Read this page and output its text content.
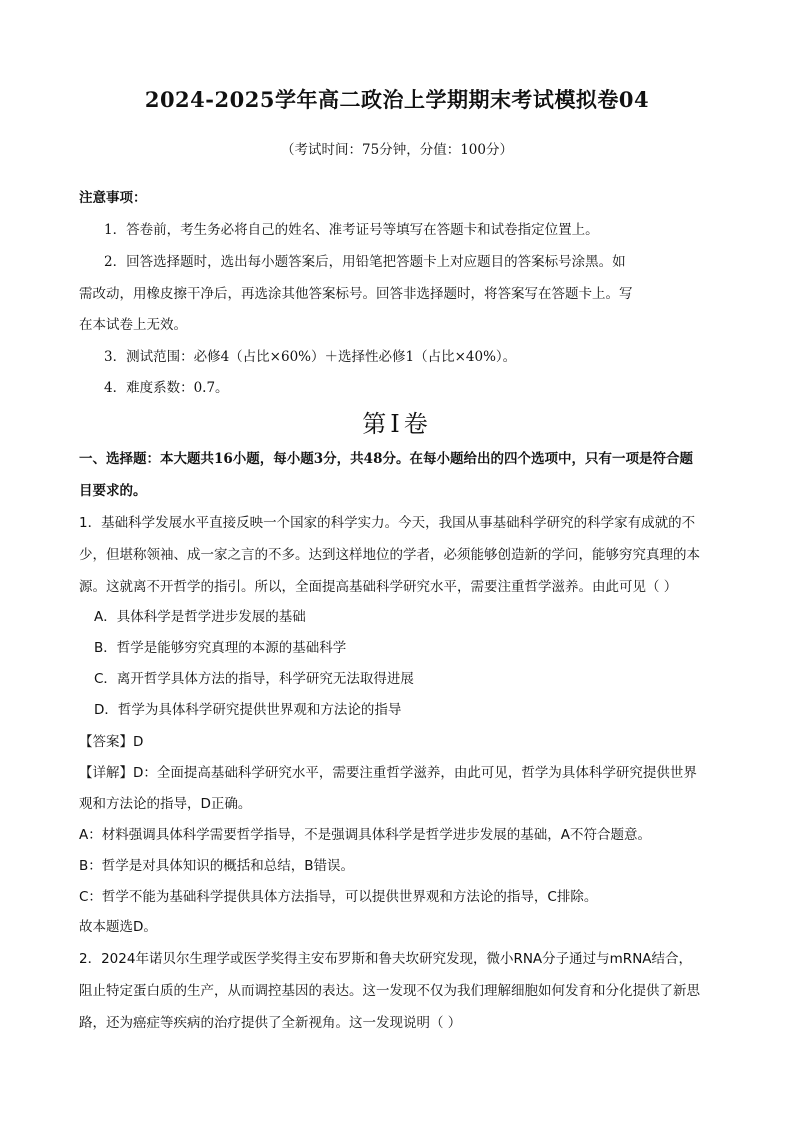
2024-2025学年高二政治上学期期末考试模拟卷04
（考试时间：75分钟，分值：100分）
注意事项：
1．答卷前，考生务必将自己的姓名、准考证号等填写在答题卡和试卷指定位置上。
2．回答选择题时，选出每小题答案后，用铅笔把答题卡上对应题目的答案标号涂黑。如
需改动，用橡皮擦干净后，再选涂其他答案标号。回答非选择题时，将答案写在答题卡上。写
在本试卷上无效。
3．测试范围：必修4（占比×60%）＋选择性必修1（占比×40%）。
4．难度系数：0.7。
第Ⅰ卷
一、选择题：本大题共16小题，每小题3分，共48分。在每小题给出的四个选项中，只有一项是符合题
目要求的。
1．基础科学发展水平直接反映一个国家的科学实力。今天，我国从事基础科学研究的科学家有成就的不
少，但堪称领袖、成一家之言的不多。达到这样地位的学者，必须能够创造新的学问，能够穷究真理的本
源。这就离不开哲学的指引。所以，全面提高基础科学研究水平，需要注重哲学滋养。由此可见（ ）
A．具体科学是哲学进步发展的基础
B．哲学是能够穷究真理的本源的基础科学
C．离开哲学具体方法的指导，科学研究无法取得进展
D．哲学为具体科学研究提供世界观和方法论的指导
【答案】D
【详解】D：全面提高基础科学研究水平，需要注重哲学滋养，由此可见，哲学为具体科学研究提供世界
观和方法论的指导，D正确。
A：材料强调具体科学需要哲学指导，不是强调具体科学是哲学进步发展的基础，A不符合题意。
B：哲学是对具体知识的概括和总结，B错误。
C：哲学不能为基础科学提供具体方法指导，可以提供世界观和方法论的指导，C排除。
故本题选D。
2．2024年诺贝尔生理学或医学奖得主安布罗斯和鲁夫坎研究发现，微小RNA分子通过与mRNA结合，
阻止特定蛋白质的生产，从而调控基因的表达。这一发现不仅为我们理解细胞如何发育和分化提供了新思
路，还为癌症等疾病的治疗提供了全新视角。这一发现说明（ ）
